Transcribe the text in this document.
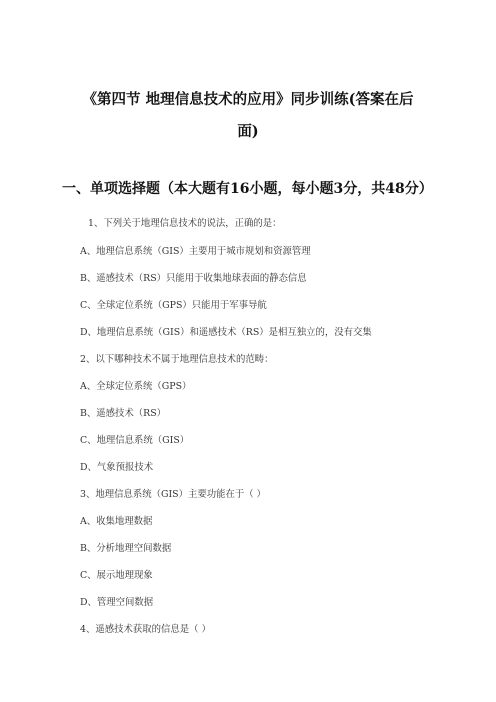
《第四节 地理信息技术的应用》同步训练(答案在后
面)
一、单项选择题（本大题有16小题，每小题3分，共48分）
1、下列关于地理信息技术的说法，正确的是：
A、地理信息系统（GIS）主要用于城市规划和资源管理
B、遥感技术（RS）只能用于收集地球表面的静态信息
C、全球定位系统（GPS）只能用于军事导航
D、地理信息系统（GIS）和遥感技术（RS）是相互独立的，没有交集
2、以下哪种技术不属于地理信息技术的范畴：
A、全球定位系统（GPS）
B、遥感技术（RS）
C、地理信息系统（GIS）
D、气象预报技术
3、地理信息系统（GIS）主要功能在于（ ）
A、收集地理数据
B、分析地理空间数据
C、展示地理现象
D、管理空间数据
4、遥感技术获取的信息是（ ）
